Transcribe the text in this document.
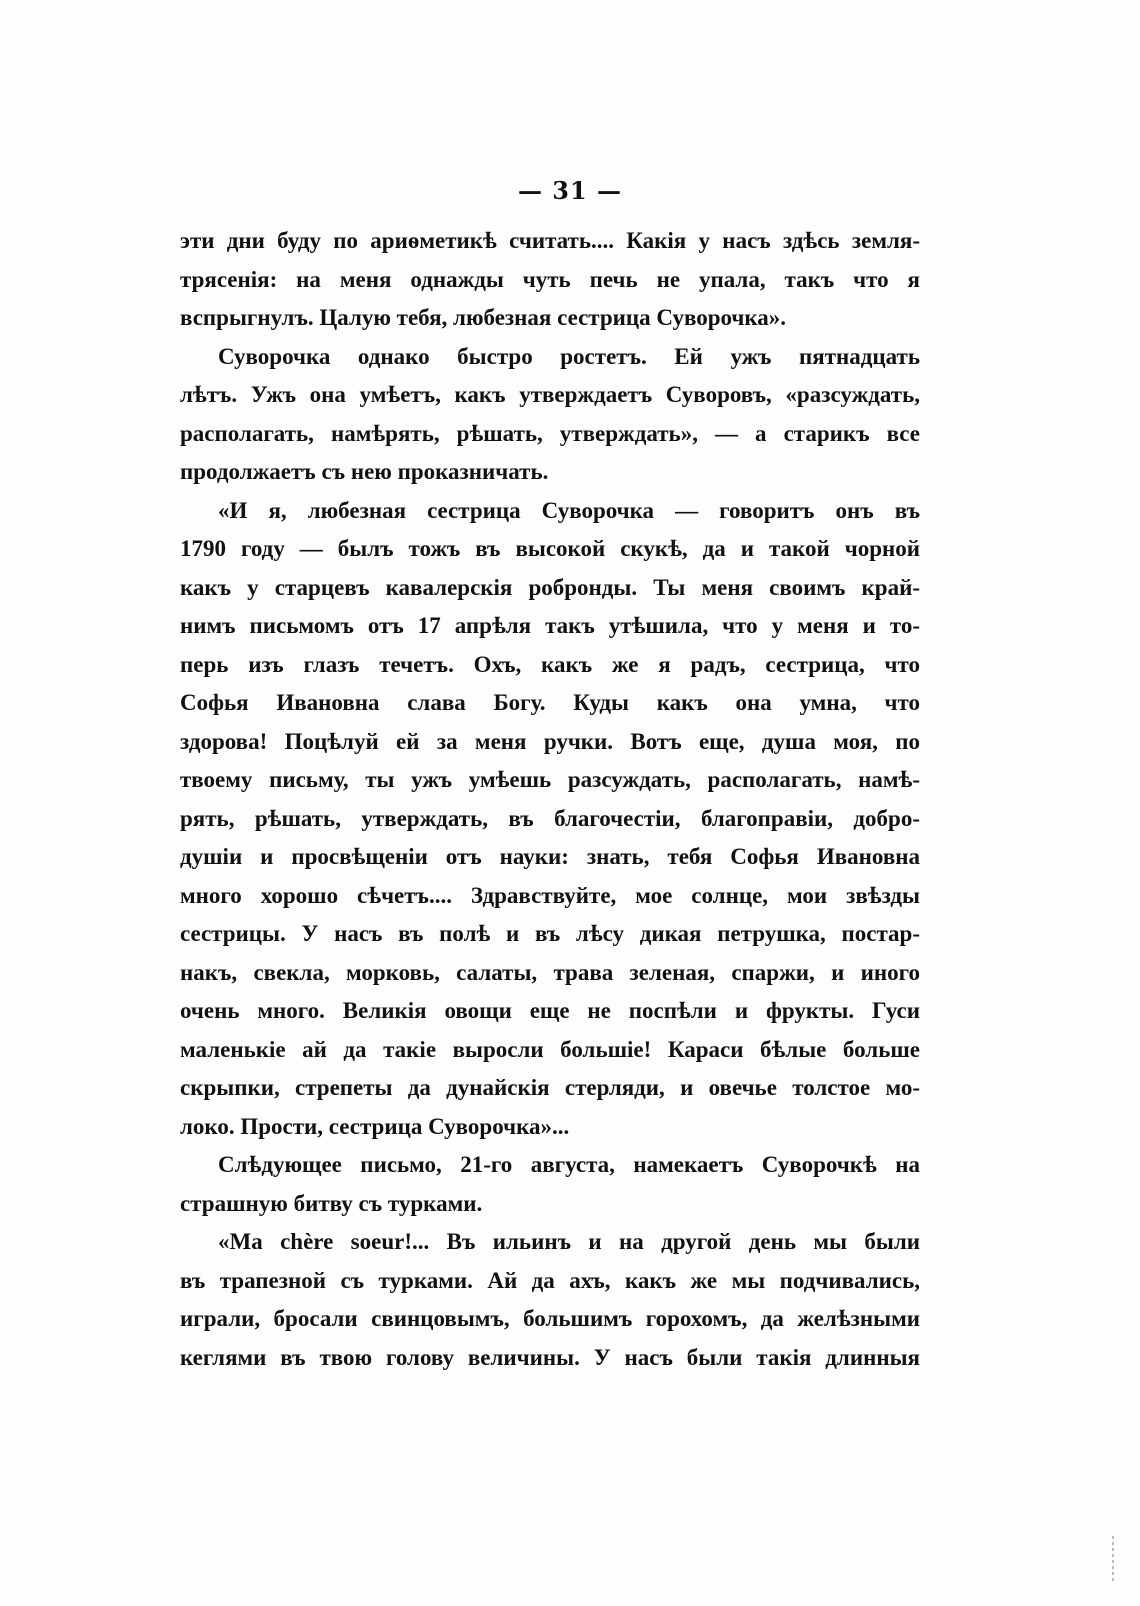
— 31 —
эти дни буду по ариѳметикѣ считать.... Какія у насъ здѣсь земля-
трясенія: на меня однажды чуть печь не упала, такъ что я
вспрыгнулъ. Цалую тебя, любезная сестрица Суворочка».
Суворочка однако быстро ростетъ. Ей ужъ пятнадцать
лѣтъ. Ужъ она умѣетъ, какъ утверждаетъ Суворовъ, «разсуждать,
располагать, намѣрять, рѣшать, утверждать», — а старикъ все
продолжаетъ съ нею проказничать.
«И я, любезная сестрица Суворочка — говоритъ онъ въ
1790 году — былъ тожъ въ высокой скукѣ, да и такой чорной
какъ у старцевъ кавалерскія робронды. Ты меня своимъ край-
нимъ письмомъ отъ 17 апрѣля такъ утѣшила, что у меня и то-
перь изъ глазъ течетъ. Охъ, какъ же я радъ, сестрица, что
Софья Ивановна слава Богу. Куды какъ она умна, что
здорова! Поцѣлуй ей за меня ручки. Вотъ еще, душа моя, по
твоему письму, ты ужъ умѣешь разсуждать, располагать, намѣ-
рять, рѣшать, утверждать, въ благочестіи, благоправіи, добро-
душіи и просвѣщеніи отъ науки: знать, тебя Софья Ивановна
много хорошо сѣчетъ.... Здравствуйте, мое солнце, мои звѣзды
сестрицы. У насъ въ полѣ и въ лѣсу дикая петрушка, постар-
накъ, свекла, морковь, салаты, трава зеленая, спаржи, и иного
очень много. Великія овощи еще не поспѣли и фрукты. Гуси
маленькіе ай да такіе выросли большіе! Караси бѣлые больше
скрыпки, стрепеты да дунайскія стерляди, и овечье толстое мо-
локо. Прости, сестрица Суворочка»...
Слѣдующее письмо, 21-го августа, намекаетъ Суворочкѣ на
страшную битву съ турками.
«Ma chère soeur!... Въ ильинъ и на другой день мы были
въ трапезной съ турками. Ай да ахъ, какъ же мы подчивались,
играли, бросали свинцовымъ, большимъ горохомъ, да желѣзными
кеглями въ твою голову величины. У насъ были такія длинныя
